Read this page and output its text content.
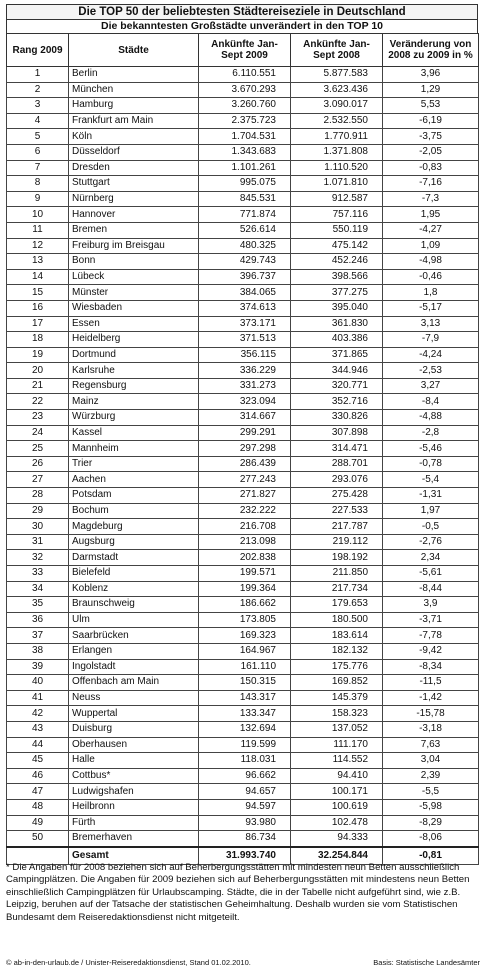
Die TOP 50 der beliebtesten Städtereiseziele in Deutschland
Die bekanntesten Großstädte unverändert in den TOP 10
Rang 2009	Städte	Ankünfte Jan-Sept 2009	Ankünfte Jan-Sept 2008	Veränderung von 2008 zu 2009 in %
1	Berlin	6.110.551	5.877.583	3,96
2	München	3.670.293	3.623.436	1,29
3	Hamburg	3.260.760	3.090.017	5,53
4	Frankfurt am Main	2.375.723	2.532.550	-6,19
5	Köln	1.704.531	1.770.911	-3,75
6	Düsseldorf	1.343.683	1.371.808	-2,05
7	Dresden	1.101.261	1.110.520	-0,83
8	Stuttgart	995.075	1.071.810	-7,16
9	Nürnberg	845.531	912.587	-7,3
10	Hannover	771.874	757.116	1,95
11	Bremen	526.614	550.119	-4,27
12	Freiburg im Breisgau	480.325	475.142	1,09
13	Bonn	429.743	452.246	-4,98
14	Lübeck	396.737	398.566	-0,46
15	Münster	384.065	377.275	1,8
16	Wiesbaden	374.613	395.040	-5,17
17	Essen	373.171	361.830	3,13
18	Heidelberg	371.513	403.386	-7,9
19	Dortmund	356.115	371.865	-4,24
20	Karlsruhe	336.229	344.946	-2,53
21	Regensburg	331.273	320.771	3,27
22	Mainz	323.094	352.716	-8,4
23	Würzburg	314.667	330.826	-4,88
24	Kassel	299.291	307.898	-2,8
25	Mannheim	297.298	314.471	-5,46
26	Trier	286.439	288.701	-0,78
27	Aachen	277.243	293.076	-5,4
28	Potsdam	271.827	275.428	-1,31
29	Bochum	232.222	227.533	1,97
30	Magdeburg	216.708	217.787	-0,5
31	Augsburg	213.098	219.112	-2,76
32	Darmstadt	202.838	198.192	2,34
33	Bielefeld	199.571	211.850	-5,61
34	Koblenz	199.364	217.734	-8,44
35	Braunschweig	186.662	179.653	3,9
36	Ulm	173.805	180.500	-3,71
37	Saarbrücken	169.323	183.614	-7,78
38	Erlangen	164.967	182.132	-9,42
39	Ingolstadt	161.110	175.776	-8,34
40	Offenbach am Main	150.315	169.852	-11,5
41	Neuss	143.317	145.379	-1,42
42	Wuppertal	133.347	158.323	-15,78
43	Duisburg	132.694	137.052	-3,18
44	Oberhausen	119.599	111.170	7,63
45	Halle	118.031	114.552	3,04
46	Cottbus*	96.662	94.410	2,39
47	Ludwigshafen	94.657	100.171	-5,5
48	Heilbronn	94.597	100.619	-5,98
49	Fürth	93.980	102.478	-8,29
50	Bremerhaven	86.734	94.333	-8,06
	Gesamt	31.993.740	32.254.844	-0,81
* Die Angaben für 2008 beziehen sich auf Beherbergungsstätten mit mindesten neun Betten ausschließlich Campingplätzen. Die Angaben für 2009 beziehen sich auf Beherbergungsstätten mit mindestens neun Betten einschließlich Campingplätzen für Urlaubscamping. Städte, die in der Tabelle nicht aufgeführt sind, wie z.B. Leipzig, beruhen auf der Tatsache der statistischen Geheimhaltung. Deshalb wurden sie vom Statistischen Bundesamt dem Reiseredaktionsdienst nicht mitgeteilt.
© ab-in-den-urlaub.de / Unister-Reiseredaktionsdienst, Stand 01.02.2010.	Basis: Statistische Landesämter
